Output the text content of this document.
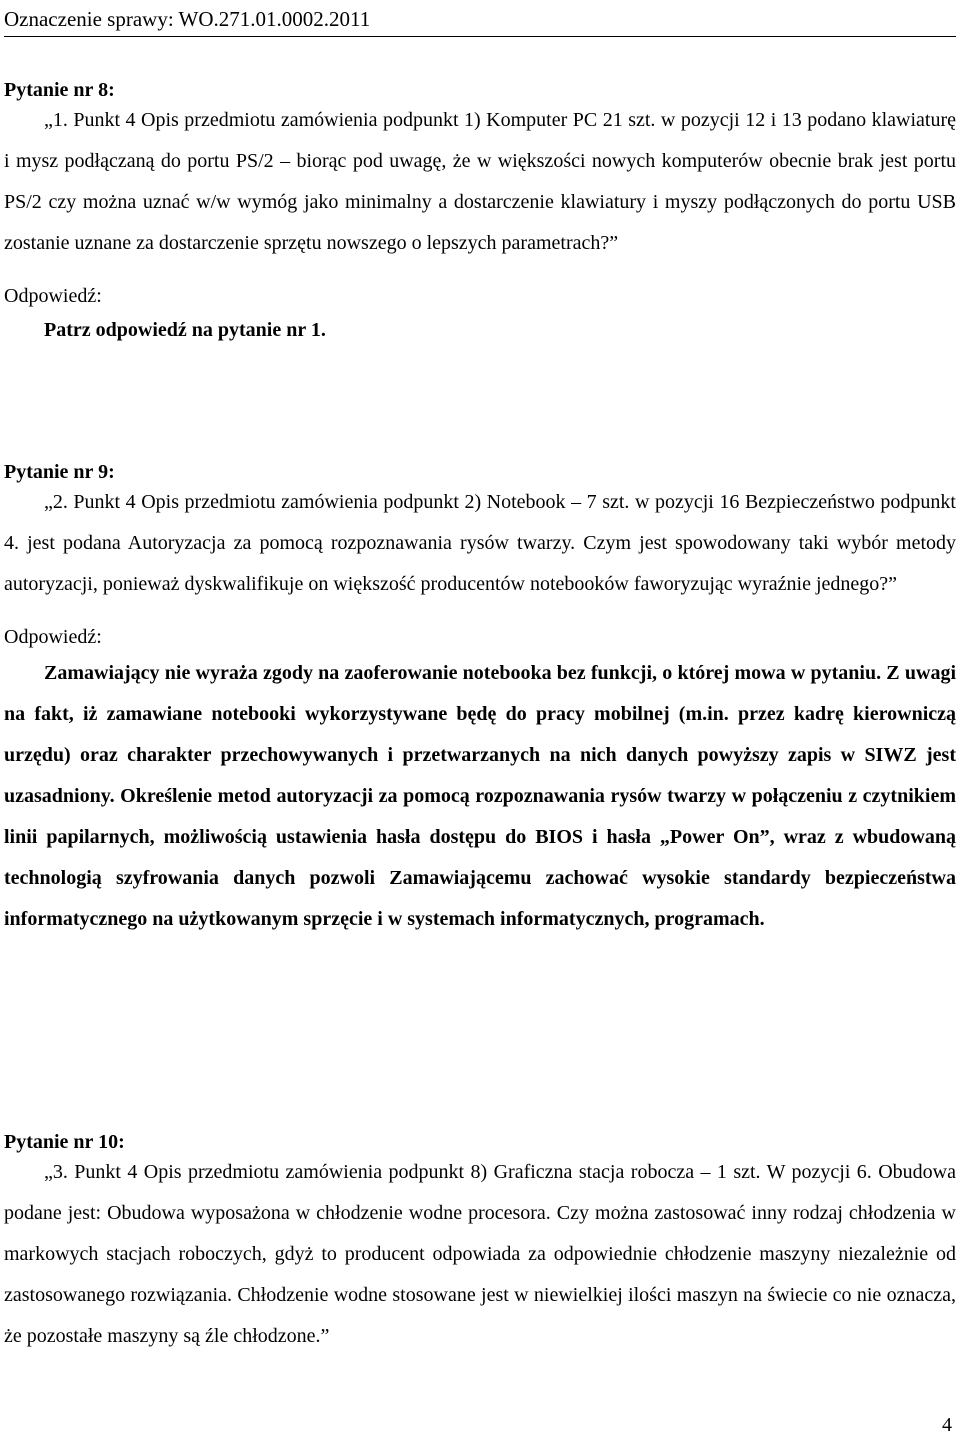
Oznaczenie sprawy: WO.271.01.0002.2011
Pytanie nr 8:
„1. Punkt 4 Opis przedmiotu zamówienia podpunkt 1) Komputer PC 21 szt. w pozycji 12 i 13 podano klawiaturę i mysz podłączaną do portu PS/2 – biorąc pod uwagę, że w większości nowych komputerów obecnie brak jest portu PS/2 czy można uznać w/w wymóg jako minimalny a dostarczenie klawiatury i myszy podłączonych do portu USB zostanie uznane za dostarczenie sprzętu nowszego o lepszych parametrach?”
Odpowiedź:
Patrz odpowiedź na pytanie nr 1.
Pytanie nr 9:
„2. Punkt 4 Opis przedmiotu zamówienia podpunkt 2) Notebook – 7 szt. w pozycji 16 Bezpieczeństwo podpunkt 4. jest podana Autoryzacja za pomocą rozpoznawania rysów twarzy. Czym jest spowodowany taki wybór metody autoryzacji, ponieważ dyskwalifikuje on większość producentów notebooków faworyzując wyraźnie jednego?”
Odpowiedź:
Zamawiający nie wyraża zgody na zaoferowanie notebooka bez funkcji, o której mowa w pytaniu. Z uwagi na fakt, iż zamawiane notebooki wykorzystywane będę do pracy mobilnej (m.in. przez kadrę kierowniczą urzędu) oraz charakter przechowywanych i przetwarzanych na nich danych powyższy zapis w SIWZ jest uzasadniony. Określenie metod autoryzacji za pomocą rozpoznawania rysów twarzy w połączeniu z czytnikiem linii papilarnych, możliwością ustawienia hasła dostępu do BIOS i hasła „Power On”, wraz z wbudowaną technologią szyfrowania danych pozwoli Zamawiającemu zachować wysokie standardy bezpieczeństwa informatycznego na użytkowanym sprzęcie i w systemach informatycznych, programach.
Pytanie nr 10:
„3. Punkt 4 Opis przedmiotu zamówienia podpunkt 8) Graficzna stacja robocza – 1 szt. W pozycji 6. Obudowa podane jest: Obudowa wyposażona w chłodzenie wodne procesora. Czy można zastosować inny rodzaj chłodzenia w markowych stacjach roboczych, gdyż to producent odpowiada za odpowiednie chłodzenie maszyny niezależnie od zastosowanego rozwiązania. Chłodzenie wodne stosowane jest w niewielkiej ilości maszyn na świecie co nie oznacza, że pozostałe maszyny są źle chłodzone.”
4
